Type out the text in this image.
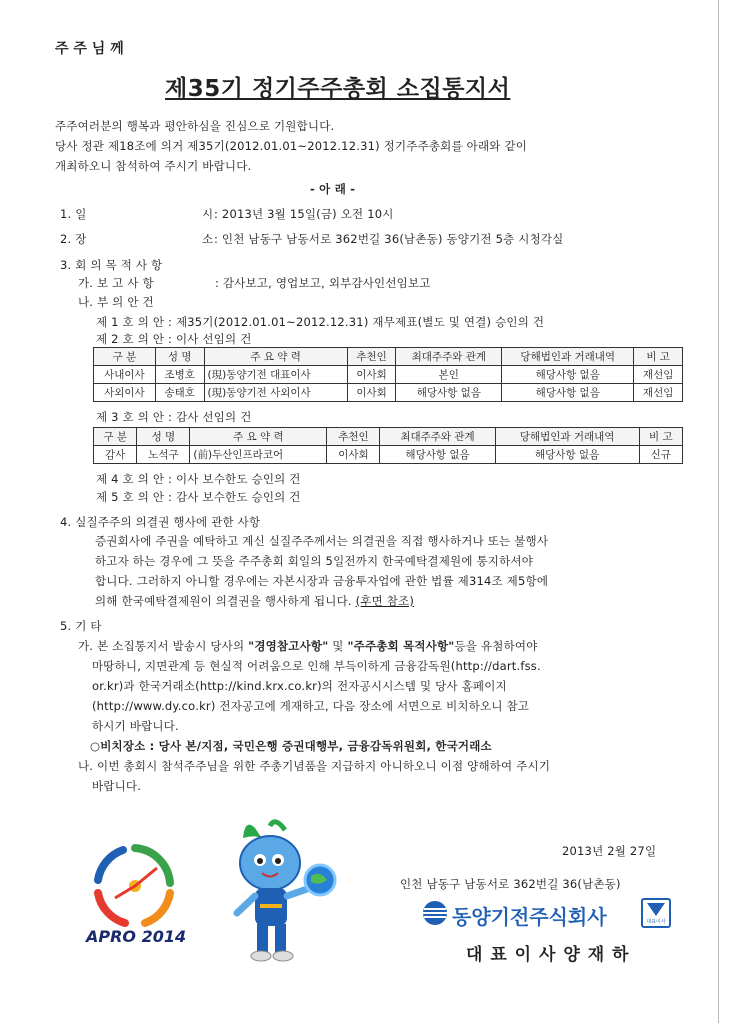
주 주 님 께
제35기 정기주주총회 소집통지서
주주여러분의 행복과 평안하심을 진심으로 기원합니다.
당사 정관 제18조에 의거 제35기(2012.01.01~2012.12.31) 정기주주총회를 아래와 같이
개최하오니 참석하여 주시기 바랍니다.
- 아 래 -
1. 일	시 : 2013년 3월 15일(금) 오전 10시
2. 장	소 : 인천 남동구 남동서로 362번길 36(남촌동) 동양기전 5층 시청각실
3. 회 의 목 적 사 항
가. 보 고 사 항	: 감사보고, 영업보고, 외부감사인선임보고
나. 부 의 안 건
제 1 호 의 안 : 제35기(2012.01.01~2012.12.31) 재무제표(별도 및 연결) 승인의 건
제 2 호 의 안 : 이사 선임의 건
구 분	성 명	주 요 약 력	추천인	최대주주와 관계	당해법인과 거래내역	비 고
사내이사	조병호	(現)동양기전 대표이사	이사회	본인	해당사항 없음	재선임
사외이사	송태호	(現)동양기전 사외이사	이사회	해당사항 없음	해당사항 없음	재선임
제 3 호 의 안 : 감사 선임의 건
구 분	성 명	주 요 약 력	추천인	최대주주와 관계	당해법인과 거래내역	비 고
감사	노석구	(前)두산인프라코어	이사회	해당사항 없음	해당사항 없음	신규
제 4 호 의 안 : 이사 보수한도 승인의 건
제 5 호 의 안 : 감사 보수한도 승인의 건
4. 실질주주의 의결권 행사에 관한 사항
증권회사에 주권을 예탁하고 계신 실질주주께서는 의결권을 직접 행사하거나 또는 불행사
하고자 하는 경우에 그 뜻을 주주총회 회일의 5일전까지 한국예탁결제원에 통지하셔야
합니다. 그러하지 아니할 경우에는 자본시장과 금융투자업에 관한 법률 제314조 제5항에
의해 한국예탁결제원이 의결권을 행사하게 됩니다. (후면 참조)
5. 기 타
가. 본 소집통지서 발송시 당사의 "경영참고사항" 및 "주주총회 목적사항"등을 유첨하여야
마땅하니, 지면관계 등 현실적 어려움으로 인해 부득이하게 금융감독원(http://dart.fss.
or.kr)과 한국거래소(http://kind.krx.co.kr)의 전자공시시스템 및 당사 홈페이지
(http://www.dy.co.kr) 전자공고에 게재하고, 다음 장소에 서면으로 비치하오니 참고
하시기 바랍니다.
○비치장소 : 당사 본/지점, 국민은행 증권대행부, 금융감독위원회, 한국거래소
나. 이번 총회시 참석주주님을 위한 주총기념품을 지급하지 아니하오니 이점 양해하여 주시기
바랍니다.
2013년 2월 27일
인천 남동구 남동서로 362번길 36(남촌동)
APRO 2014
동양기전주식회사	대표이사
대 표 이 사 양 재 하
